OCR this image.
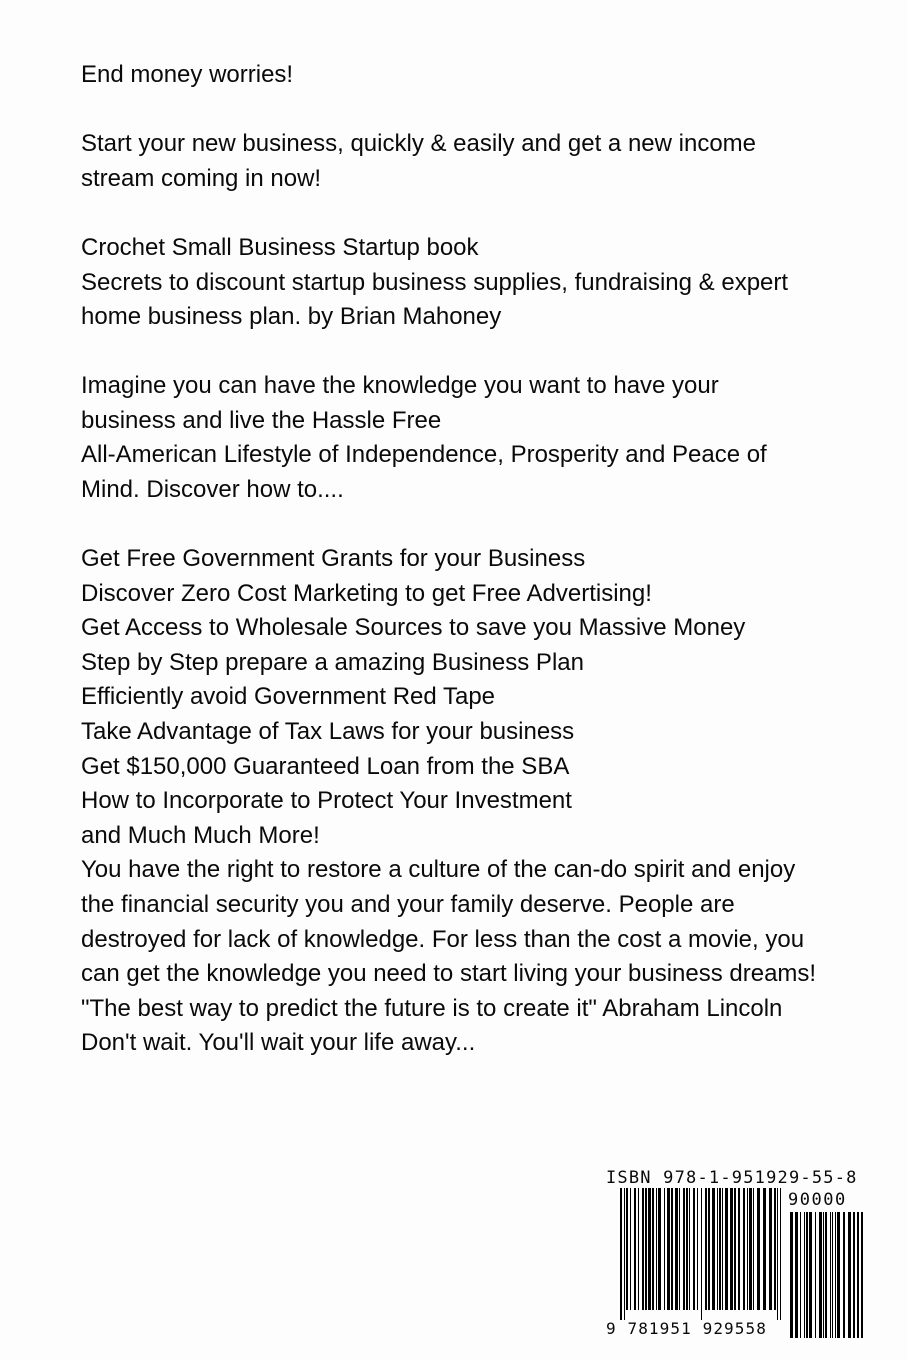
End money worries!

Start your new business, quickly & easily and get a new income
stream coming in now!

Crochet Small Business Startup book
Secrets to discount startup business supplies, fundraising & expert
home business plan. by Brian Mahoney

Imagine you can have the knowledge you want to have your
business and live the Hassle Free
All-American Lifestyle of Independence, Prosperity and Peace of
Mind. Discover how to....

Get Free Government Grants for your Business
Discover Zero Cost Marketing to get Free Advertising!
Get Access to Wholesale Sources to save you Massive Money
Step by Step prepare a amazing Business Plan
Efficiently avoid Government Red Tape
Take Advantage of Tax Laws for your business
Get $150,000 Guaranteed Loan from the SBA
How to Incorporate to Protect Your Investment
and Much Much More!
You have the right to restore a culture of the can-do spirit and enjoy
the financial security you and your family deserve. People are
destroyed for lack of knowledge. For less than the cost a movie, you
can get the knowledge you need to start living your business dreams!
"The best way to predict the future is to create it" Abraham Lincoln
Don't wait. You'll wait your life away...
ISBN 978-1-951929-55-8
90000
9 781951 929558
